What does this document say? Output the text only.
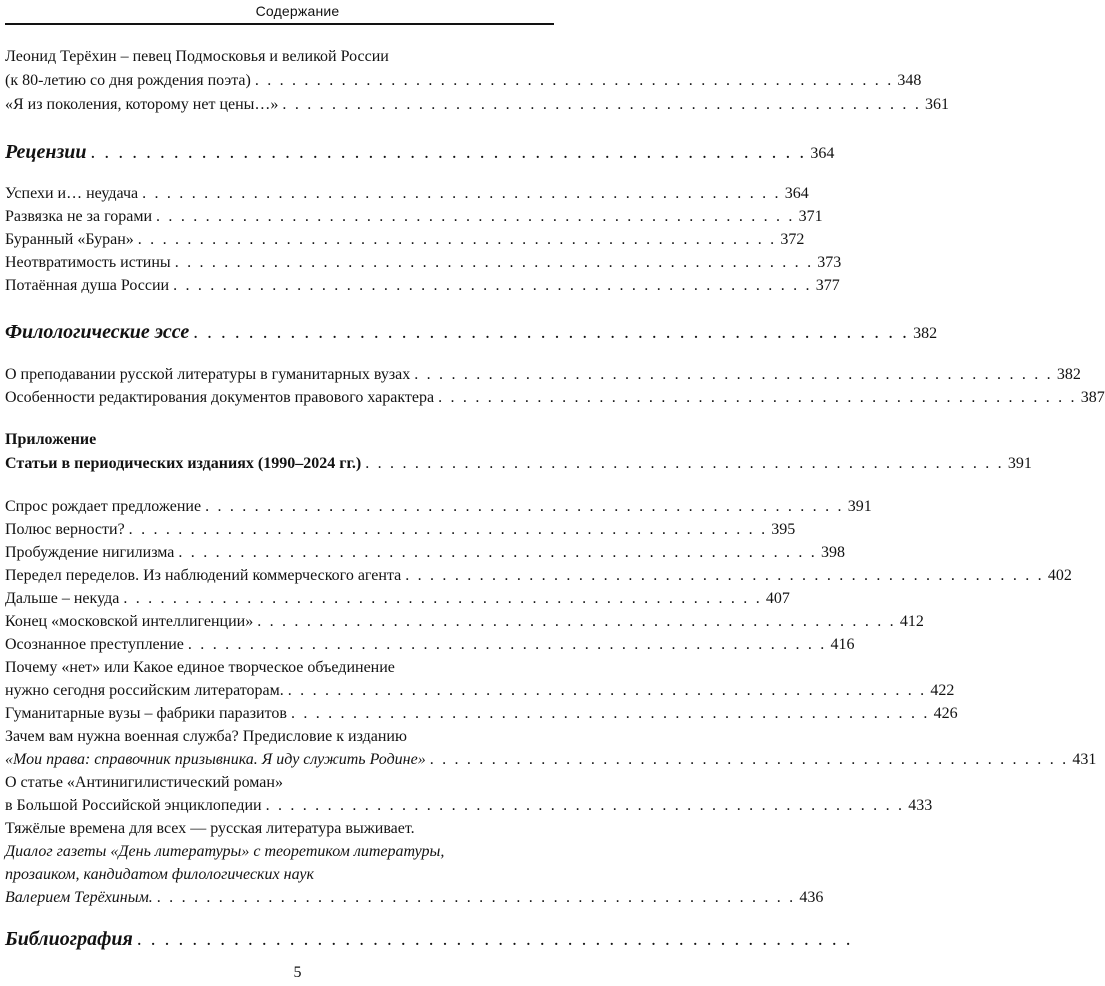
Содержание
Леонид Терёхин – певец Подмосковья и великой России
(к 80-летию со дня рождения поэта) . . . . . . . . . . . . . . . . . . . . . . . . . . . . . . . . . . . . . . . . . . . . . . . . . . . . 348
«Я из поколения, которому нет цены…» . . . . . . . . . . . . . . . . . . . . . . . . . . . . . . . . . . . . . . . . . . . . . . . . . . . . 361
Рецензии . . . . . . . . . . . . . . . . . . . . . . . . . . . . . . . . . . . . . . . . . . . . . . . . . . . . 364
Успехи и… неудача . . . . . . . . . . . . . . . . . . . . . . . . . . . . . . . . . . . . . . . . . . . . . . . . . . . . 364
Развязка не за горами . . . . . . . . . . . . . . . . . . . . . . . . . . . . . . . . . . . . . . . . . . . . . . . . . . . . 371
Буранный «Буран» . . . . . . . . . . . . . . . . . . . . . . . . . . . . . . . . . . . . . . . . . . . . . . . . . . . . 372
Неотвратимость истины . . . . . . . . . . . . . . . . . . . . . . . . . . . . . . . . . . . . . . . . . . . . . . . . . . . . 373
Потаённая душа России . . . . . . . . . . . . . . . . . . . . . . . . . . . . . . . . . . . . . . . . . . . . . . . . . . . . 377
Филологические эссе . . . . . . . . . . . . . . . . . . . . . . . . . . . . . . . . . . . . . . . . . . . . . . . . . . . . 382
О преподавании русской литературы в гуманитарных вузах . . . . . . . . . . . . . . . . . . . . . . . . . . . . . . . . . . . . . . . . . . . . . . . . . . . . 382
Особенности редактирования документов правового характера . . . . . . . . . . . . . . . . . . . . . . . . . . . . . . . . . . . . . . . . . . . . . . . . . . . . 387
Приложение
Статьи в периодических изданиях (1990–2024 гг.) . . . . . . . . . . . . . . . . . . . . . . . . . . . . . . . . . . . . . . . . . . . . . . . . . . . . 391
Спрос рождает предложение . . . . . . . . . . . . . . . . . . . . . . . . . . . . . . . . . . . . . . . . . . . . . . . . . . . . 391
Полюс верности? . . . . . . . . . . . . . . . . . . . . . . . . . . . . . . . . . . . . . . . . . . . . . . . . . . . . 395
Пробуждение нигилизма . . . . . . . . . . . . . . . . . . . . . . . . . . . . . . . . . . . . . . . . . . . . . . . . . . . . 398
Передел переделов. Из наблюдений коммерческого агента . . . . . . . . . . . . . . . . . . . . . . . . . . . . . . . . . . . . . . . . . . . . . . . . . . . . 402
Дальше – некуда . . . . . . . . . . . . . . . . . . . . . . . . . . . . . . . . . . . . . . . . . . . . . . . . . . . . 407
Конец «московской интеллигенции» . . . . . . . . . . . . . . . . . . . . . . . . . . . . . . . . . . . . . . . . . . . . . . . . . . . . 412
Осознанное преступление . . . . . . . . . . . . . . . . . . . . . . . . . . . . . . . . . . . . . . . . . . . . . . . . . . . . 416
Почему «нет» или Какое единое творческое объединение
нужно сегодня российским литераторам. . . . . . . . . . . . . . . . . . . . . . . . . . . . . . . . . . . . . . . . . . . . . . . . . . . . . 422
Гуманитарные вузы – фабрики паразитов . . . . . . . . . . . . . . . . . . . . . . . . . . . . . . . . . . . . . . . . . . . . . . . . . . . . 426
Зачем вам нужна военная служба? Предисловие к изданию
«Мои права: справочник призывника. Я иду служить Родине» . . . . . . . . . . . . . . . . . . . . . . . . . . . . . . . . . . . . . . . . . . . . . . . . . . . . 431
О статье «Антинигилистический роман»
в Большой Российской энциклопедии . . . . . . . . . . . . . . . . . . . . . . . . . . . . . . . . . . . . . . . . . . . . . . . . . . . . 433
Тяжёлые времена для всех — русская литература выживает.
Диалог газеты «День литературы» с теоретиком литературы,
прозаиком, кандидатом филологических наук
Валерием Терёхиным. . . . . . . . . . . . . . . . . . . . . . . . . . . . . . . . . . . . . . . . . . . . . . . . . . . . . 436
Библиография . . . . . . . . . . . . . . . . . . . . . . . . . . . . . . . . . . . . . . . . . . . . . . . . . . . .
5
